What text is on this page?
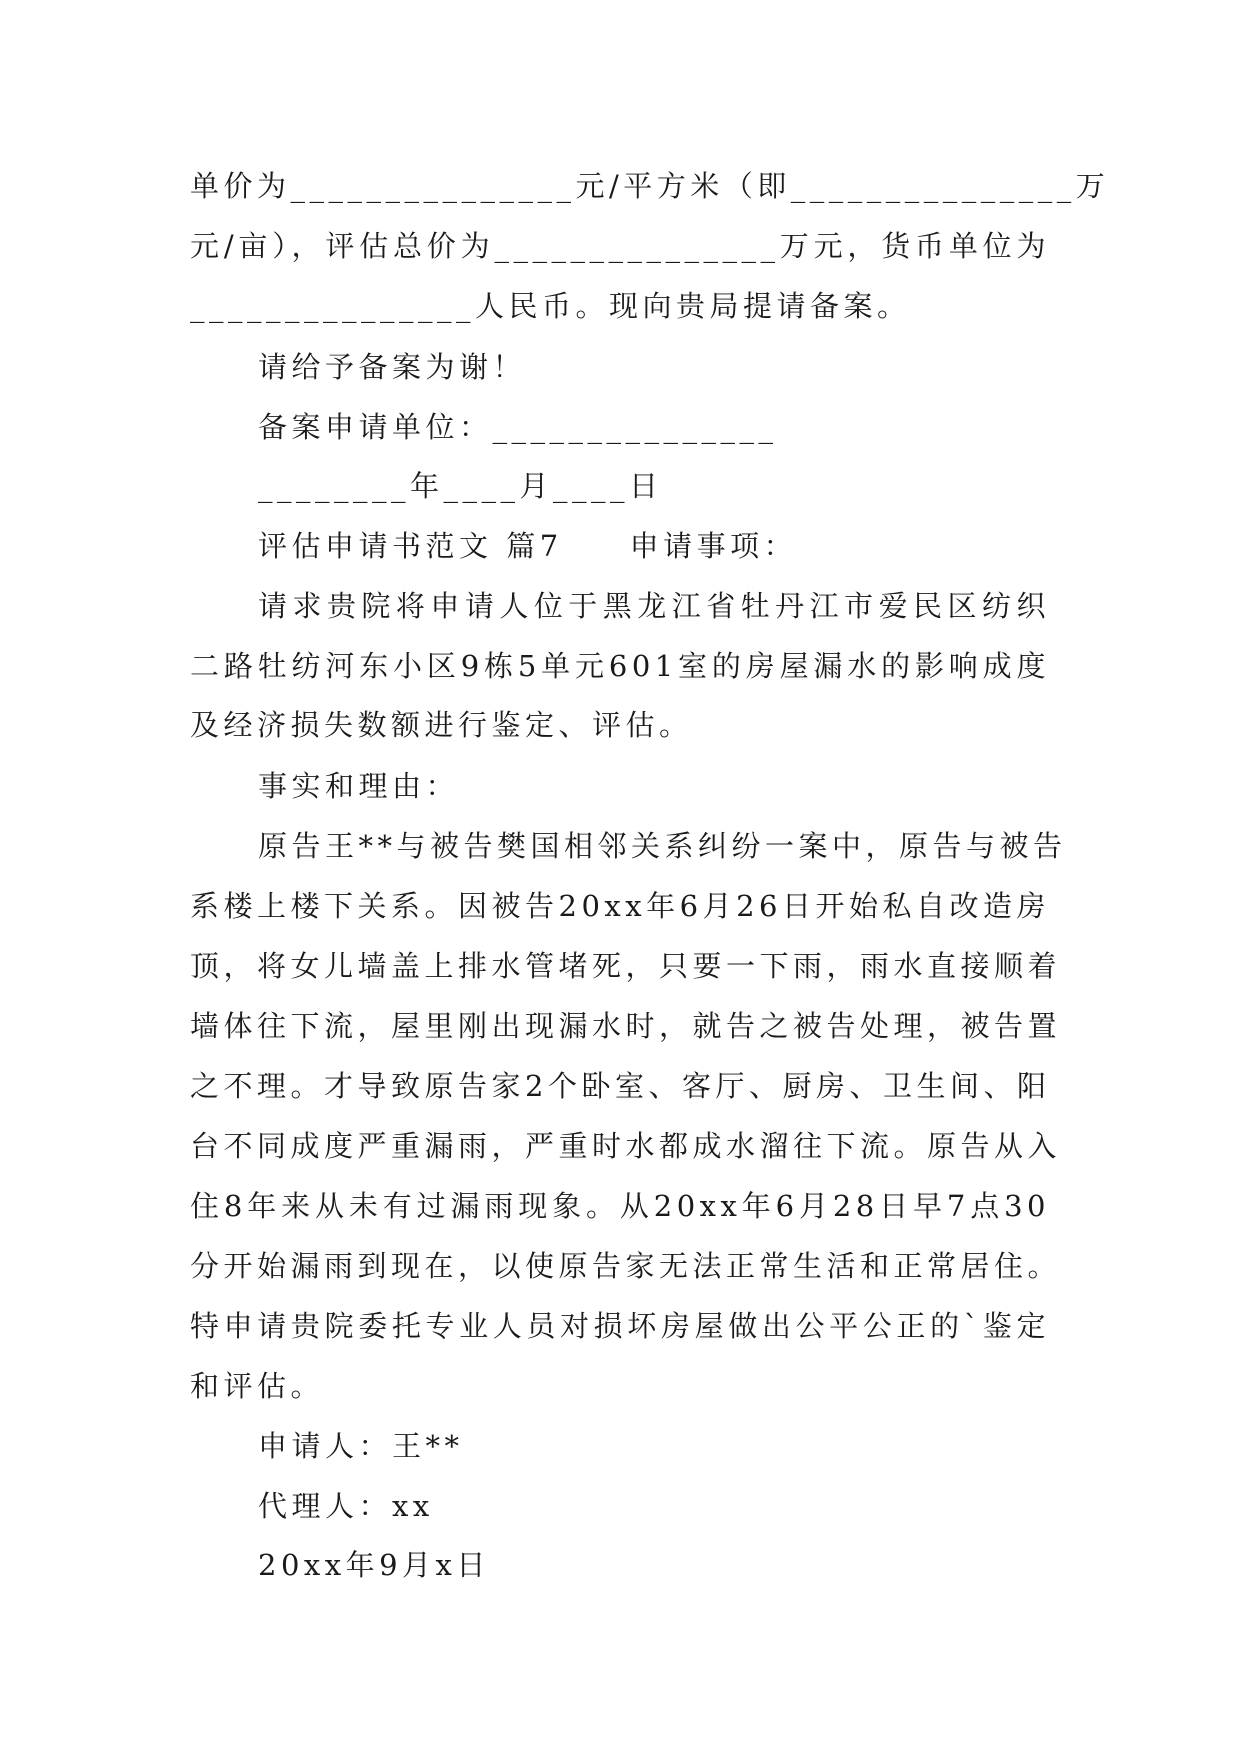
单价为_______________元/平方米（即_______________万
元/亩），评估总价为_______________万元，货币单位为
_______________人民币。现向贵局提请备案。
请给予备案为谢！
备案申请单位：_______________
________年____月____日
评估申请书范文 篇7　　申请事项：
请求贵院将申请人位于黑龙江省牡丹江市爱民区纺织
二路牡纺河东小区9栋5单元601室的房屋漏水的影响成度
及经济损失数额进行鉴定、评估。
事实和理由：
原告王**与被告樊国相邻关系纠纷一案中，原告与被告
系楼上楼下关系。因被告20xx年6月26日开始私自改造房
顶，将女儿墙盖上排水管堵死，只要一下雨，雨水直接顺着
墙体往下流，屋里刚出现漏水时，就告之被告处理，被告置
之不理。才导致原告家2个卧室、客厅、厨房、卫生间、阳
台不同成度严重漏雨，严重时水都成水溜往下流。原告从入
住8年来从未有过漏雨现象。从20xx年6月28日早7点30
分开始漏雨到现在，以使原告家无法正常生活和正常居住。
特申请贵院委托专业人员对损坏房屋做出公平公正的`鉴定
和评估。
申请人：王**
代理人：xx
20xx年9月x日
